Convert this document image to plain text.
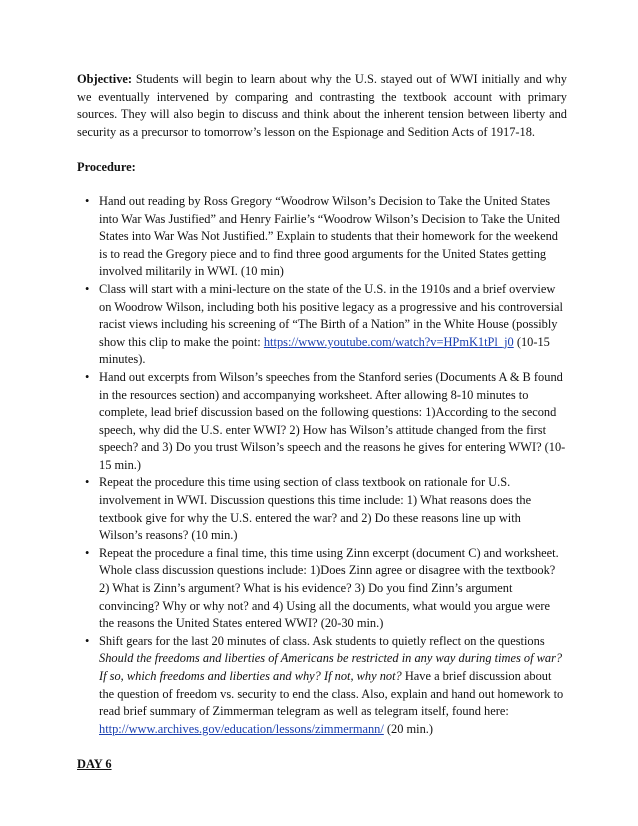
Objective: Students will begin to learn about why the U.S. stayed out of WWI initially and why we eventually intervened by comparing and contrasting the textbook account with primary sources. They will also begin to discuss and think about the inherent tension between liberty and security as a precursor to tomorrow’s lesson on the Espionage and Sedition Acts of 1917-18.

Procedure:

• Hand out reading by Ross Gregory “Woodrow Wilson’s Decision to Take the United States into War Was Justified” and Henry Fairlie’s “Woodrow Wilson’s Decision to Take the United States into War Was Not Justified.” Explain to students that their homework for the weekend is to read the Gregory piece and to find three good arguments for the United States getting involved militarily in WWI. (10 min)
• Class will start with a mini-lecture on the state of the U.S. in the 1910s and a brief overview on Woodrow Wilson, including both his positive legacy as a progressive and his controversial racist views including his screening of “The Birth of a Nation” in the White House (possibly show this clip to make the point: https://www.youtube.com/watch?v=HPmK1tPl_j0 (10-15 minutes).
• Hand out excerpts from Wilson’s speeches from the Stanford series (Documents A & B found in the resources section) and accompanying worksheet. After allowing 8-10 minutes to complete, lead brief discussion based on the following questions: 1)According to the second speech, why did the U.S. enter WWI? 2) How has Wilson’s attitude changed from the first speech? and 3) Do you trust Wilson’s speech and the reasons he gives for entering WWI? (10-15 min.)
• Repeat the procedure this time using section of class textbook on rationale for U.S. involvement in WWI. Discussion questions this time include: 1) What reasons does the textbook give for why the U.S. entered the war? and 2) Do these reasons line up with Wilson’s reasons? (10 min.)
• Repeat the procedure a final time, this time using Zinn excerpt (document C) and worksheet. Whole class discussion questions include: 1)Does Zinn agree or disagree with the textbook? 2) What is Zinn’s argument? What is his evidence? 3) Do you find Zinn’s argument convincing? Why or why not? and 4) Using all the documents, what would you argue were the reasons the United States entered WWI? (20-30 min.)
• Shift gears for the last 20 minutes of class. Ask students to quietly reflect on the questions Should the freedoms and liberties of Americans be restricted in any way during times of war? If so, which freedoms and liberties and why? If not, why not? Have a brief discussion about the question of freedom vs. security to end the class. Also, explain and hand out homework to read brief summary of Zimmerman telegram as well as telegram itself, found here: http://www.archives.gov/education/lessons/zimmermann/ (20 min.)

DAY 6
